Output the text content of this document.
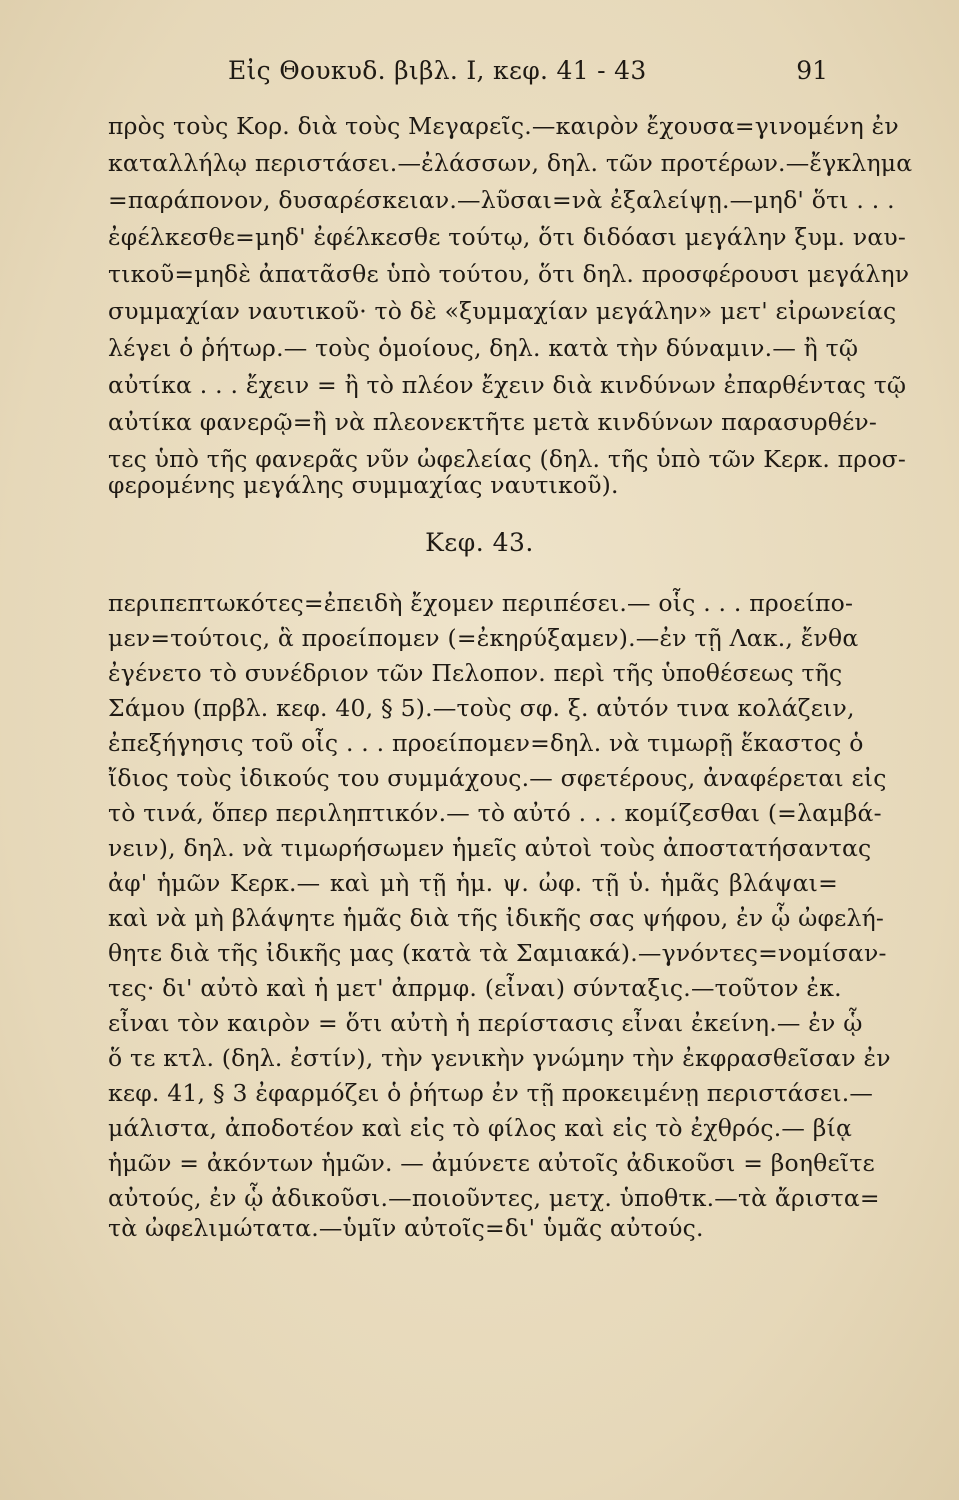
Εἰς Θουκυδ. βιβλ. Ι, κεφ. 41 - 43	91
πρὸς τοὺς Κορ. διὰ τοὺς Μεγαρεῖς.—καιρὸν ἔχουσα=γινομένη ἐν
καταλλήλῳ περιστάσει.—ἐλάσσων, δηλ. τῶν προτέρων.—ἔγκλημα
=παράπονον, δυσαρέσκειαν.—λῦσαι=νὰ ἐξαλείψῃ.—μηδ' ὅτι . . .
ἐφέλκεσθε=μηδ' ἐφέλκεσθε τούτῳ, ὅτι διδόασι μεγάλην ξυμ. ναυ-
τικοῦ=μηδὲ ἀπατᾶσθε ὑπὸ τούτου, ὅτι δηλ. προσφέρουσι μεγάλην
συμμαχίαν ναυτικοῦ· τὸ δὲ «ξυμμαχίαν μεγάλην» μετ' εἰρωνείας
λέγει ὁ ῥήτωρ.— τοὺς ὁμοίους, δηλ. κατὰ τὴν δύναμιν.— ἢ τῷ
αὐτίκα . . . ἔχειν = ἢ τὸ πλέον ἔχειν διὰ κινδύνων ἐπαρθέντας τῷ
αὐτίκα φανερῷ=ἢ νὰ πλεονεκτῆτε μετὰ κινδύνων παρασυρθέν-
τες ὑπὸ τῆς φανερᾶς νῦν ὠφελείας (δηλ. τῆς ὑπὸ τῶν Κερκ. προσ-
φερομένης μεγάλης συμμαχίας ναυτικοῦ).
Κεφ. 43.
περιπεπτωκότες=ἐπειδὴ ἔχομεν περιπέσει.— οἷς . . . προείπο-
μεν=τούτοις, ἃ προείπομεν (=ἐκηρύξαμεν).—ἐν τῇ Λακ., ἔνθα
ἐγένετο τὸ συνέδριον τῶν Πελοπον. περὶ τῆς ὑποθέσεως τῆς
Σάμου (πρβλ. κεφ. 40, § 5).—τοὺς σφ. ξ. αὐτόν τινα κολάζειν,
ἐπεξήγησις τοῦ οἷς . . . προείπομεν=δηλ. νὰ τιμωρῇ ἕκαστος ὁ
ἴδιος τοὺς ἰδικούς του συμμάχους.— σφετέρους, ἀναφέρεται εἰς
τὸ τινά, ὅπερ περιληπτικόν.— τὸ αὐτό . . . κομίζεσθαι (=λαμβά-
νειν), δηλ. νὰ τιμωρήσωμεν ἡμεῖς αὐτοὶ τοὺς ἀποστατήσαντας
ἀφ' ἡμῶν Κερκ.— καὶ μὴ τῇ ἡμ. ψ. ὠφ. τῇ ὑ. ἡμᾶς βλάψαι=
καὶ νὰ μὴ βλάψητε ἡμᾶς διὰ τῆς ἰδικῆς σας ψήφου, ἐν ᾧ ὠφελή-
θητε διὰ τῆς ἰδικῆς μας (κατὰ τὰ Σαμιακά).—γνόντες=νομίσαν-
τες· δι' αὐτὸ καὶ ἡ μετ' ἀπρμφ. (εἶναι) σύνταξις.—τοῦτον ἐκ.
εἶναι τὸν καιρὸν = ὅτι αὐτὴ ἡ περίστασις εἶναι ἐκείνη.— ἐν ᾧ
ὅ τε κτλ. (δηλ. ἐστίν), τὴν γενικὴν γνώμην τὴν ἐκφρασθεῖσαν ἐν
κεφ. 41, § 3 ἐφαρμόζει ὁ ῥήτωρ ἐν τῇ προκειμένῃ περιστάσει.—
μάλιστα, ἀποδοτέον καὶ εἰς τὸ φίλος καὶ εἰς τὸ ἐχθρός.— βίᾳ
ἡμῶν = ἀκόντων ἡμῶν. — ἀμύνετε αὐτοῖς ἀδικοῦσι = βοηθεῖτε
αὐτούς, ἐν ᾧ ἀδικοῦσι.—ποιοῦντες, μετχ. ὑποθτκ.—τὰ ἄριστα=
τὰ ὠφελιμώτατα.—ὑμῖν αὐτοῖς=δι' ὑμᾶς αὐτούς.
